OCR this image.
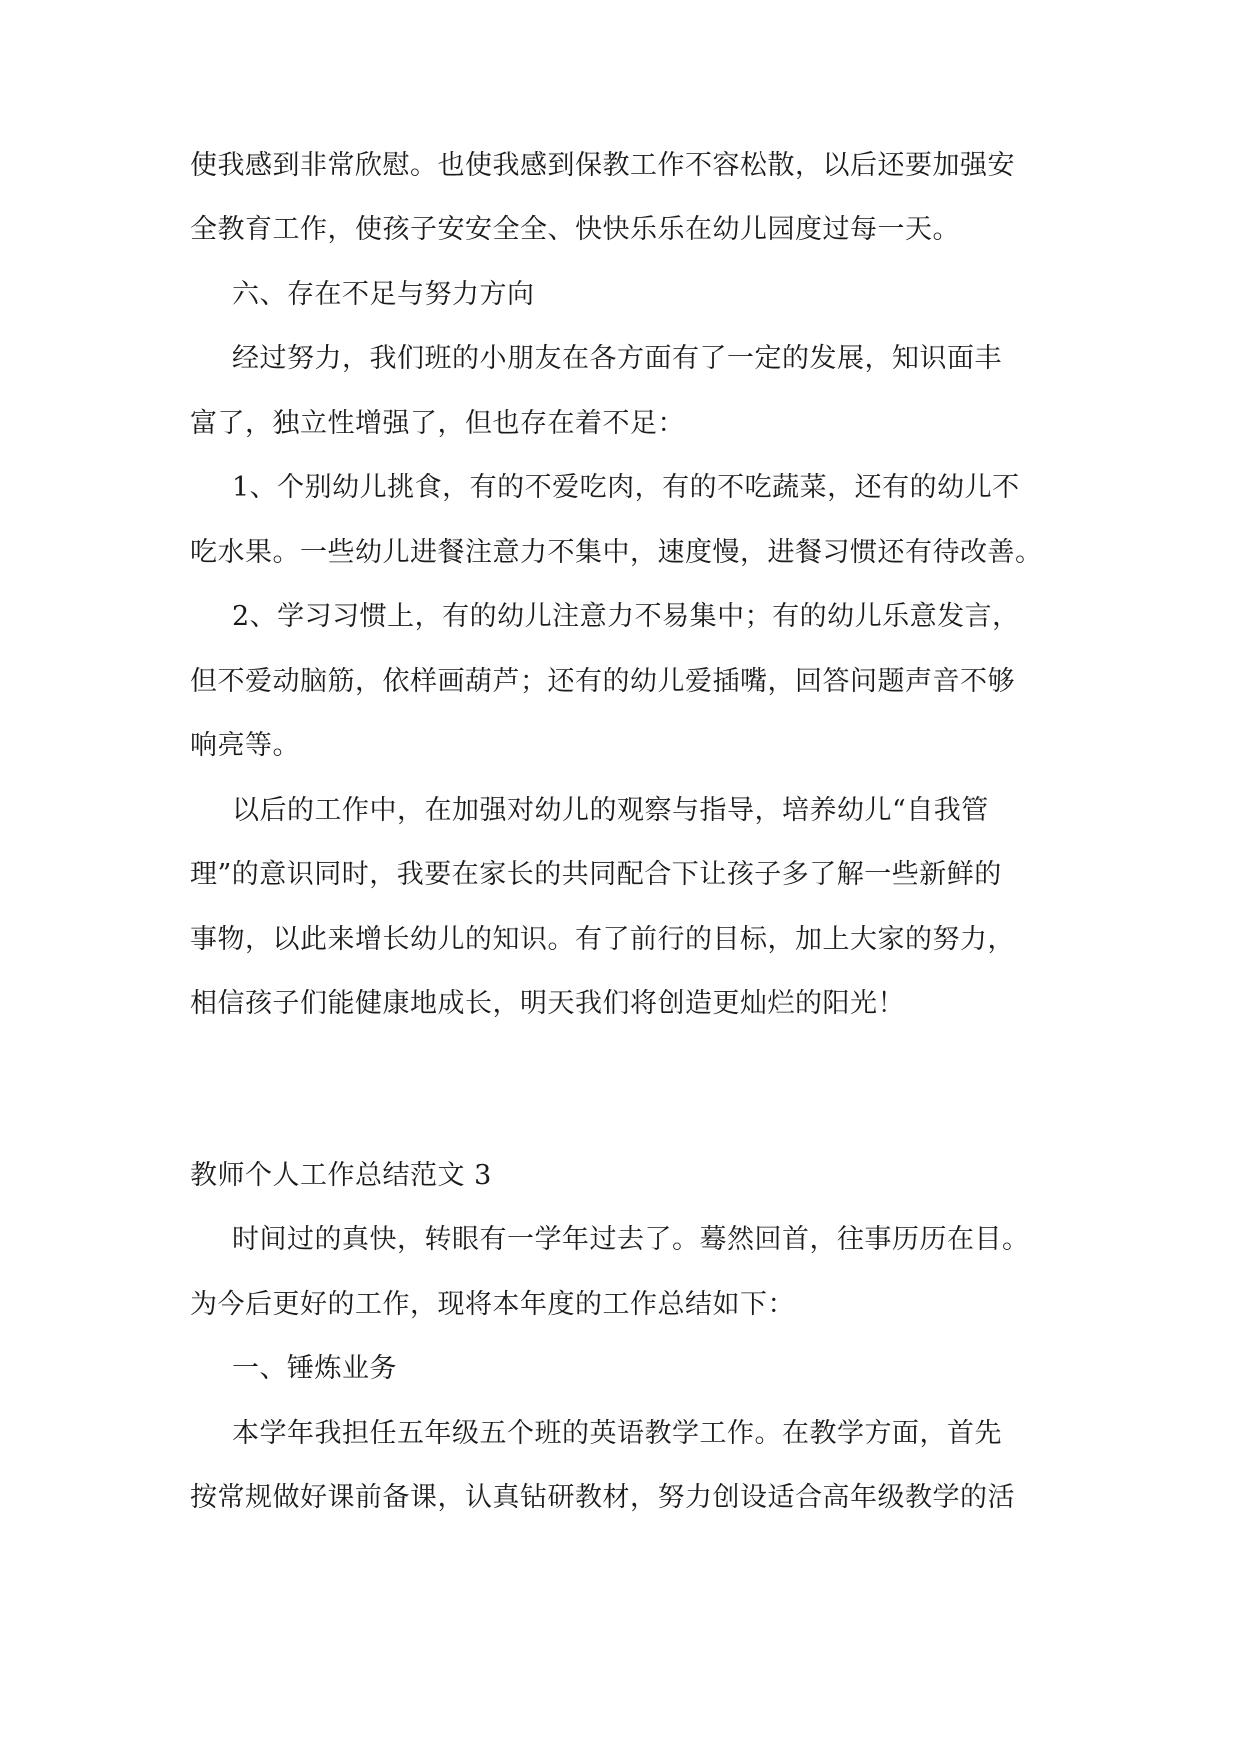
使我感到非常欣慰。也使我感到保教工作不容松散，以后还要加强安
全教育工作，使孩子安安全全、快快乐乐在幼儿园度过每一天。
六、存在不足与努力方向
经过努力，我们班的小朋友在各方面有了一定的发展，知识面丰
富了，独立性增强了，但也存在着不足：
1、个别幼儿挑食，有的不爱吃肉，有的不吃蔬菜，还有的幼儿不
吃水果。一些幼儿进餐注意力不集中，速度慢，进餐习惯还有待改善。
2、学习习惯上，有的幼儿注意力不易集中；有的幼儿乐意发言，
但不爱动脑筋，依样画葫芦；还有的幼儿爱插嘴，回答问题声音不够
响亮等。
以后的工作中，在加强对幼儿的观察与指导，培养幼儿“自我管
理”的意识同时，我要在家长的共同配合下让孩子多了解一些新鲜的
事物，以此来增长幼儿的知识。有了前行的目标，加上大家的努力，
相信孩子们能健康地成长，明天我们将创造更灿烂的阳光！
教师个人工作总结范文 3
时间过的真快，转眼有一学年过去了。蓦然回首，往事历历在目。
为今后更好的工作，现将本年度的工作总结如下：
一、锤炼业务
本学年我担任五年级五个班的英语教学工作。在教学方面，首先
按常规做好课前备课，认真钻研教材，努力创设适合高年级教学的活
